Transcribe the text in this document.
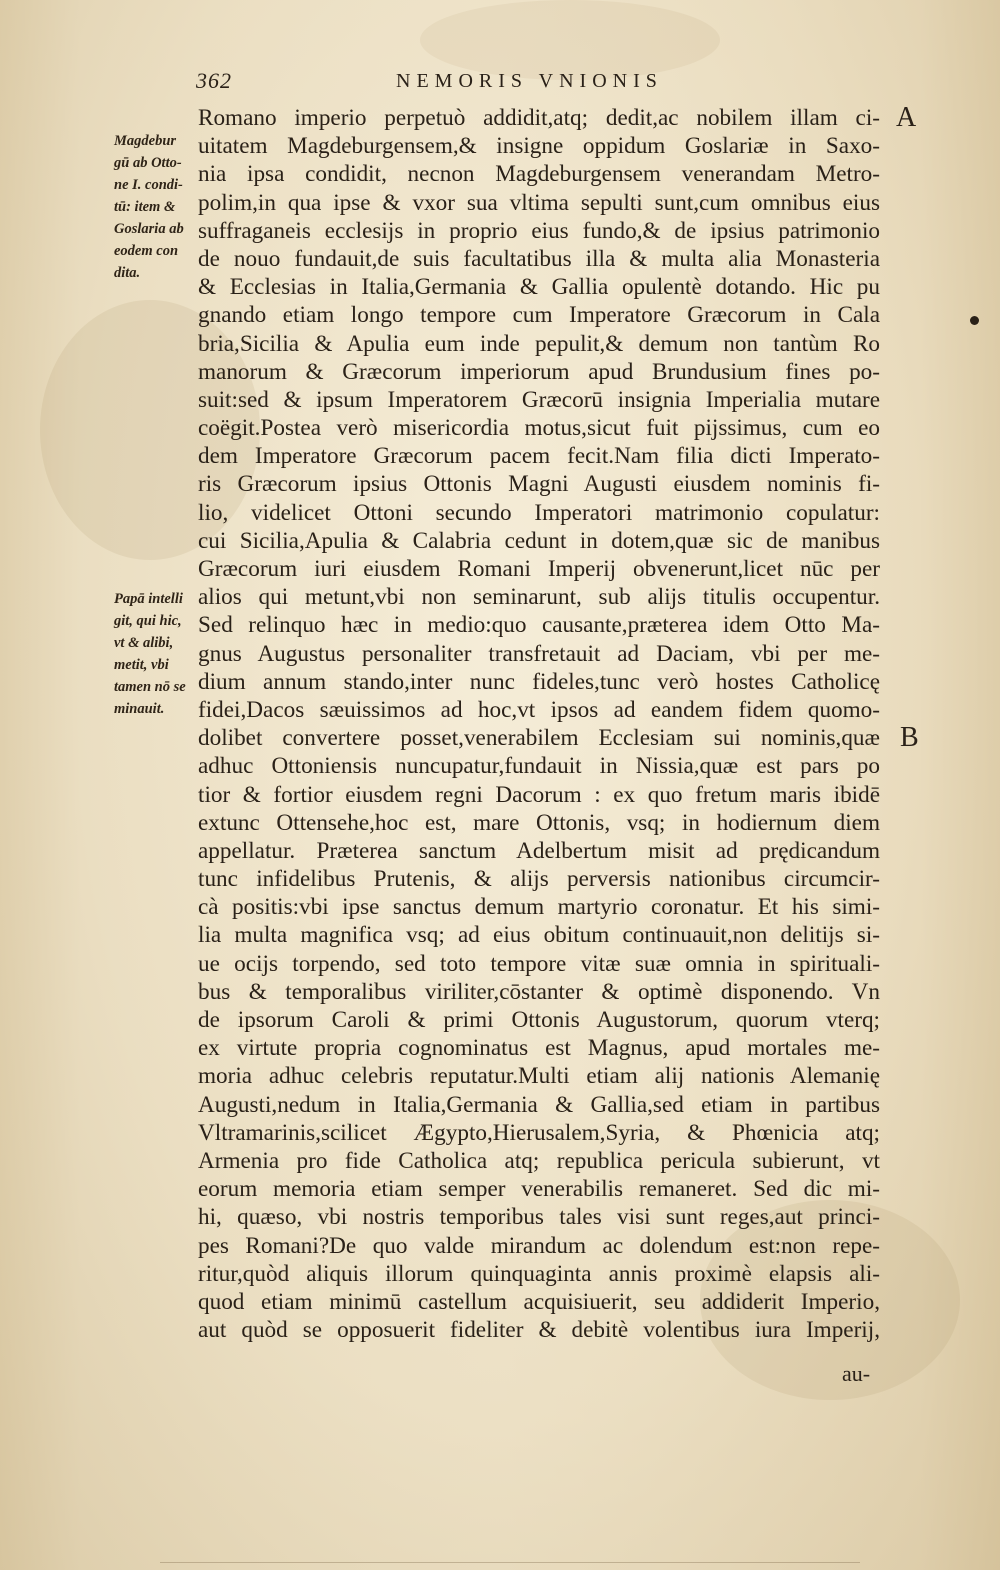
362	NEMORIS VNIONIS
Magdebur
gū ab Otto-
ne I. condi-
tū: item &
Goslaria ab
eodem con
dita.
Papā intelli
git, qui hic,
vt & alibi,
metit, vbi
tamen nō se
minauit.
A
B
Romano imperio perpetuò addidit,atq; dedit,ac nobilem illam ci-
uitatem Magdeburgensem,& insigne oppidum Goslariæ in Saxo-
nia ipsa condidit, necnon Magdeburgensem venerandam Metro-
polim,in qua ipse & vxor sua vltima sepulti sunt,cum omnibus eius
suffraganeis ecclesijs in proprio eius fundo,& de ipsius patrimonio
de nouo fundauit,de suis facultatibus illa & multa alia Monasteria
& Ecclesias in Italia,Germania & Gallia opulentè dotando. Hic pu
gnando etiam longo tempore cum Imperatore Græcorum in Cala
bria,Sicilia & Apulia eum inde pepulit,& demum non tantùm Ro
manorum & Græcorum imperiorum apud Brundusium fines po-
suit:sed & ipsum Imperatorem Græcorū insignia Imperialia mutare
coëgit.Postea verò misericordia motus,sicut fuit pijssimus, cum eo
dem Imperatore Græcorum pacem fecit.Nam filia dicti Imperato-
ris Græcorum ipsius Ottonis Magni Augusti eiusdem nominis fi-
lio, videlicet Ottoni secundo Imperatori matrimonio copulatur:
cui Sicilia,Apulia & Calabria cedunt in dotem,quæ sic de manibus
Græcorum iuri eiusdem Romani Imperij obvenerunt,licet nūc per
alios qui metunt,vbi non seminarunt, sub alijs titulis occupentur.
Sed relinquo hæc in medio:quo causante,præterea idem Otto Ma-
gnus Augustus personaliter transfretauit ad Daciam, vbi per me-
dium annum stando,inter nunc fideles,tunc verò hostes Catholicę
fidei,Dacos sæuissimos ad hoc,vt ipsos ad eandem fidem quomo-
dolibet convertere posset,venerabilem Ecclesiam sui nominis,quæ
adhuc Ottoniensis nuncupatur,fundauit in Nissia,quæ est pars po
tior & fortior eiusdem regni Dacorum : ex quo fretum maris ibidē
extunc Ottensehe,hoc est, mare Ottonis, vsq; in hodiernum diem
appellatur. Præterea sanctum Adelbertum misit ad prędicandum
tunc infidelibus Prutenis, & alijs perversis nationibus circumcir-
cà positis:vbi ipse sanctus demum martyrio coronatur. Et his simi-
lia multa magnifica vsq; ad eius obitum continuauit,non delitijs si-
ue ocijs torpendo, sed toto tempore vitæ suæ omnia in spirituali-
bus & temporalibus viriliter,cōstanter & optimè disponendo. Vn
de ipsorum Caroli & primi Ottonis Augustorum, quorum vterq;
ex virtute propria cognominatus est Magnus, apud mortales me-
moria adhuc celebris reputatur.Multi etiam alij nationis Alemanię
Augusti,nedum in Italia,Germania & Gallia,sed etiam in partibus
Vltramarinis,scilicet Ægypto,Hierusalem,Syria, & Phœnicia atq;
Armenia pro fide Catholica atq; republica pericula subierunt, vt
eorum memoria etiam semper venerabilis remaneret. Sed dic mi-
hi, quæso, vbi nostris temporibus tales visi sunt reges,aut princi-
pes Romani?De quo valde mirandum ac dolendum est:non repe-
ritur,quòd aliquis illorum quinquaginta annis proximè elapsis ali-
quod etiam minimū castellum acquisiuerit, seu addiderit Imperio,
aut quòd se opposuerit fideliter & debitè volentibus iura Imperij,
au-
